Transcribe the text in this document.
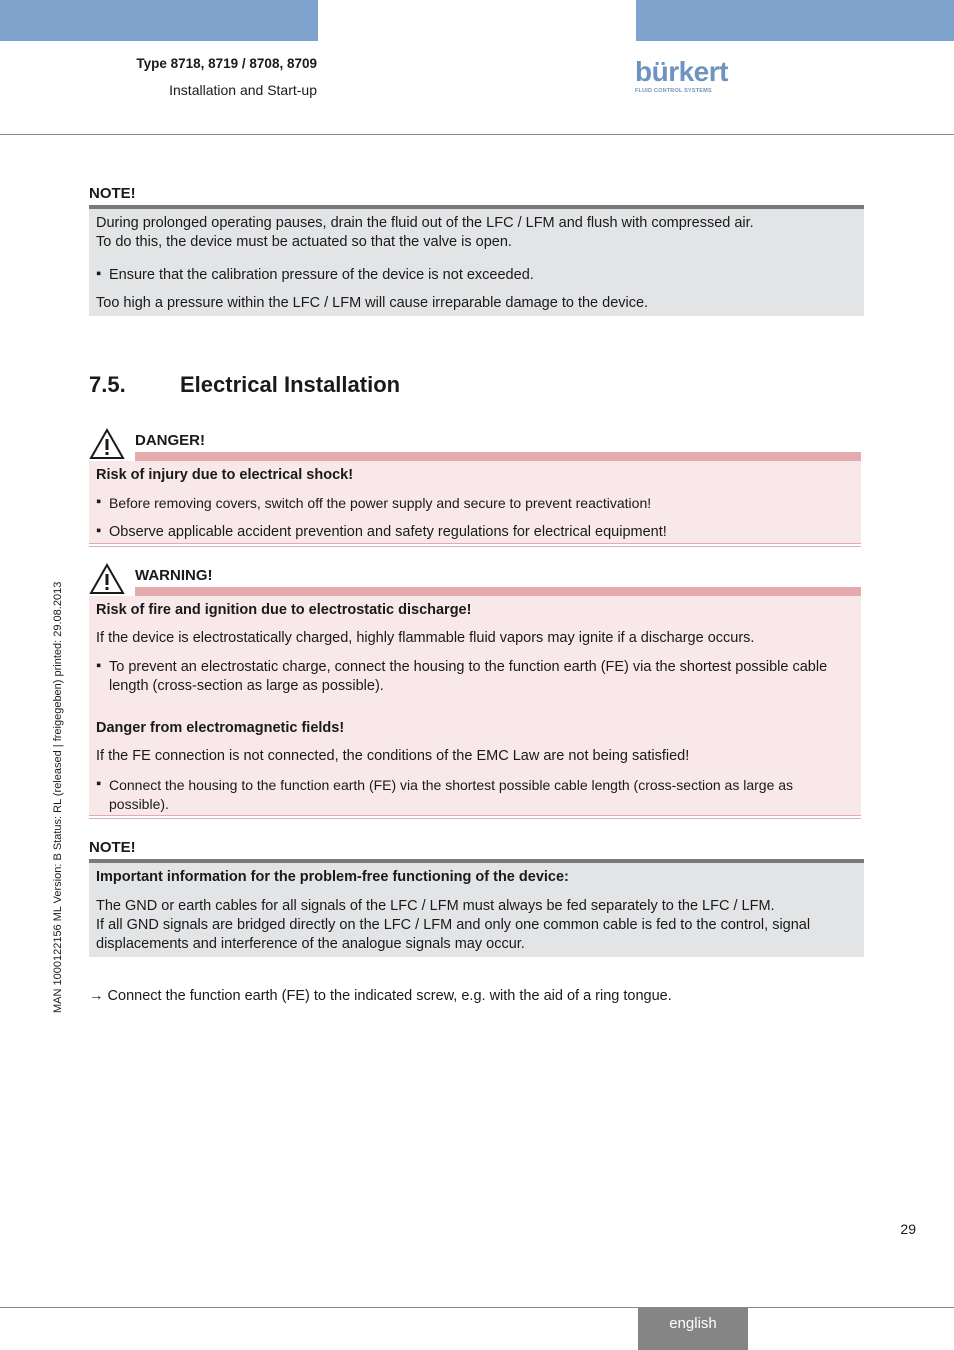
Type 8718, 8719 / 8708, 8709
Installation and Start-up
bürkert
FLUID CONTROL SYSTEMS
MAN 1000122156 ML Version: B Status: RL (released | freigegeben) printed: 29.08.2013
NOTE!
During prolonged operating pauses, drain the fluid out of the LFC / LFM and flush with compressed air.
To do this, the device must be actuated so that the valve is open.
▪ Ensure that the calibration pressure of the device is not exceeded.
Too high a pressure within the LFC / LFM will cause irreparable damage to the device.
7.5. Electrical Installation
DANGER!
Risk of injury due to electrical shock!
▪ Before removing covers, switch off the power supply and secure to prevent reactivation!
▪ Observe applicable accident prevention and safety regulations for electrical equipment!
WARNING!
Risk of fire and ignition due to electrostatic discharge!
If the device is electrostatically charged, highly flammable fluid vapors may ignite if a discharge occurs.
▪ To prevent an electrostatic charge, connect the housing to the function earth (FE) via the shortest possible cable length (cross-section as large as possible).
Danger from electromagnetic fields!
If the FE connection is not connected, the conditions of the EMC Law are not being satisfied!
▪ Connect the housing to the function earth (FE) via the shortest possible cable length (cross-section as large as possible).
NOTE!
Important information for the problem-free functioning of the device:
The GND or earth cables for all signals of the LFC / LFM must always be fed separately to the LFC / LFM.
If all GND signals are bridged directly on the LFC / LFM and only one common cable is fed to the control, signal displacements and interference of the analogue signals may occur.
→ Connect the function earth (FE) to the indicated screw, e.g. with the aid of a ring tongue.
29
english
